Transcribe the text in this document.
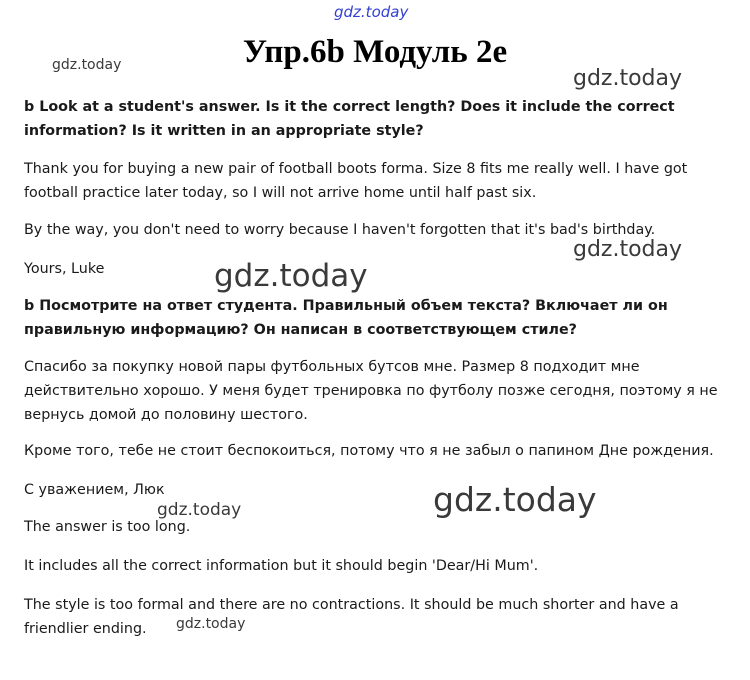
gdz.today
Упр.6b Модуль 2e
gdz.today
gdz.today

b Look at a student's answer. Is it the correct length? Does it include the correct information? Is it written in an appropriate style?

Thank you for buying a new pair of football boots forma. Size 8 fits me really well. I have got football practice later today, so I will not arrive home until half past six.

By the way, you don't need to worry because I haven't forgotten that it's bad's birthday.

gdz.today

Yours, Luke	gdz.today

b Посмотрите на ответ студента. Правильный объем текста? Включает ли он правильную информацию? Он написан в соответствующем стиле?

Спасибо за покупку новой пары футбольных бутсов мне. Размер 8 подходит мне действительно хорошо. У меня будет тренировка по футболу позже сегодня, поэтому я не вернусь домой до половину шестого.

Кроме того, тебе не стоит беспокоиться, потому что я не забыл о папином Дне рождения.

С уважением, Люк	gdz.today
gdz.today

The answer is too long.

It includes all the correct information but it should begin 'Dear/Hi Mum'.

The style is too formal and there are no contractions. It should be much shorter and have a friendlier ending.	gdz.today
